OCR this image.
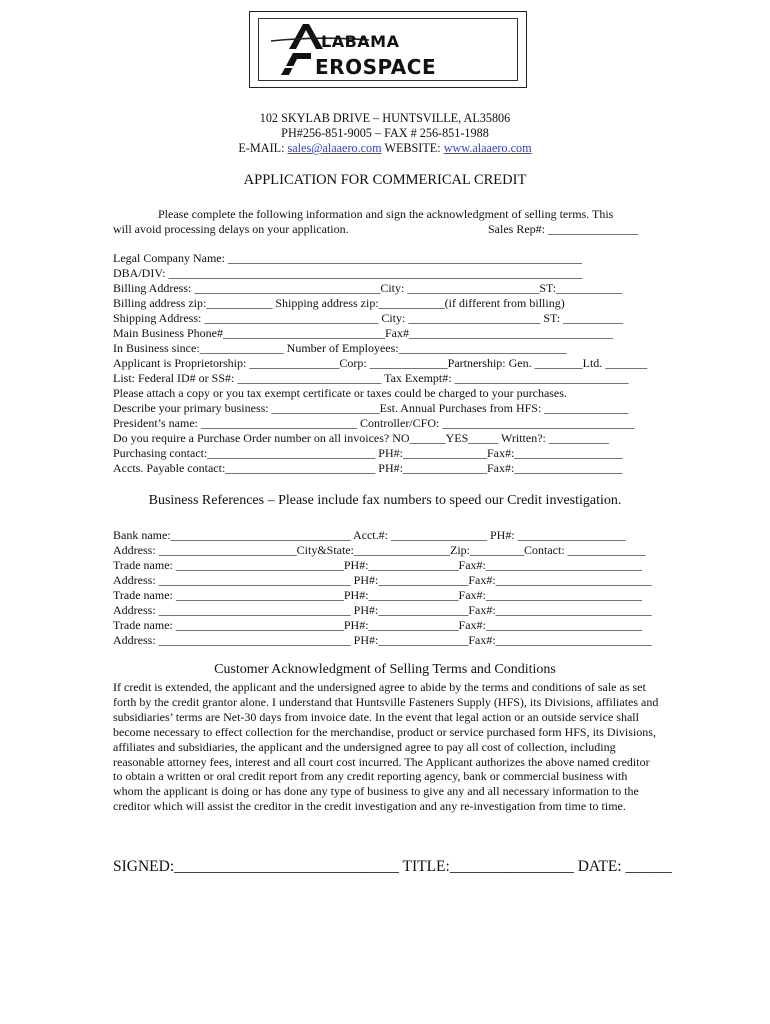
LABAMA
EROSPACE
102 SKYLAB DRIVE – HUNTSVILLE, AL35806
PH#256-851-9005 – FAX # 256-851-1988
E-MAIL: sales@alaaero.com WEBSITE: www.alaaero.com
APPLICATION FOR COMMERICAL CREDIT
Please complete the following information and sign the acknowledgment of selling terms. This
will avoid processing delays on your application.	Sales Rep#: _______________
Legal Company Name: ___________________________________________________________
DBA/DIV: _____________________________________________________________________
Billing Address: _______________________________City: ______________________ST:___________
Billing address zip:___________ Shipping address zip:___________(if different from billing)
Shipping Address: _____________________________ City: ______________________ ST: __________
Main Business Phone#___________________________Fax#__________________________________
In Business since:______________ Number of Employees:____________________________
Applicant is Proprietorship: _______________Corp: _____________Partnership: Gen. ________Ltd. _______
List: Federal ID# or SS#: ________________________ Tax Exempt#: _____________________________
Please attach a copy or you tax exempt certificate or taxes could be charged to your purchases.
Describe your primary business: __________________Est. Annual Purchases from HFS: ______________
President’s name: __________________________ Controller/CFO: ________________________________
Do you require a Purchase Order number on all invoices? NO______YES_____ Written?: __________
Purchasing contact:____________________________ PH#:______________Fax#:__________________
Accts. Payable contact:_________________________ PH#:______________Fax#:__________________
Business References – Please include fax numbers to speed our Credit investigation.
Bank name:______________________________ Acct.#: ________________ PH#: __________________
Address: _______________________City&State:________________Zip:_________Contact: _____________
Trade name: ____________________________PH#:_______________Fax#:__________________________
Address: ________________________________ PH#:_______________Fax#:__________________________
Trade name: ____________________________PH#:_______________Fax#:__________________________
Address: ________________________________ PH#:_______________Fax#:__________________________
Trade name: ____________________________PH#:_______________Fax#:__________________________
Address: ________________________________ PH#:_______________Fax#:__________________________
Customer Acknowledgment of Selling Terms and Conditions
If credit is extended, the applicant and the undersigned agree to abide by the terms and conditions of sale as set forth by the credit grantor alone. I understand that Huntsville Fasteners Supply (HFS), its Divisions, affiliates and subsidiaries’ terms are Net-30 days from invoice date. In the event that legal action or an outside service shall become necessary to effect collection for the merchandise, product or service purchased form HFS, its Divisions, affiliates and subsidiaries, the applicant and the undersigned agree to pay all cost of collection, including reasonable attorney fees, interest and all court cost incurred. The Applicant authorizes the above named creditor to obtain a written or oral credit report from any credit reporting agency, bank or commercial business with whom the applicant is doing or has done any type of business to give any and all necessary information to the creditor which will assist the creditor in the credit investigation and any re-investigation from time to time.
SIGNED:_____________________________ TITLE:________________ DATE: ______
